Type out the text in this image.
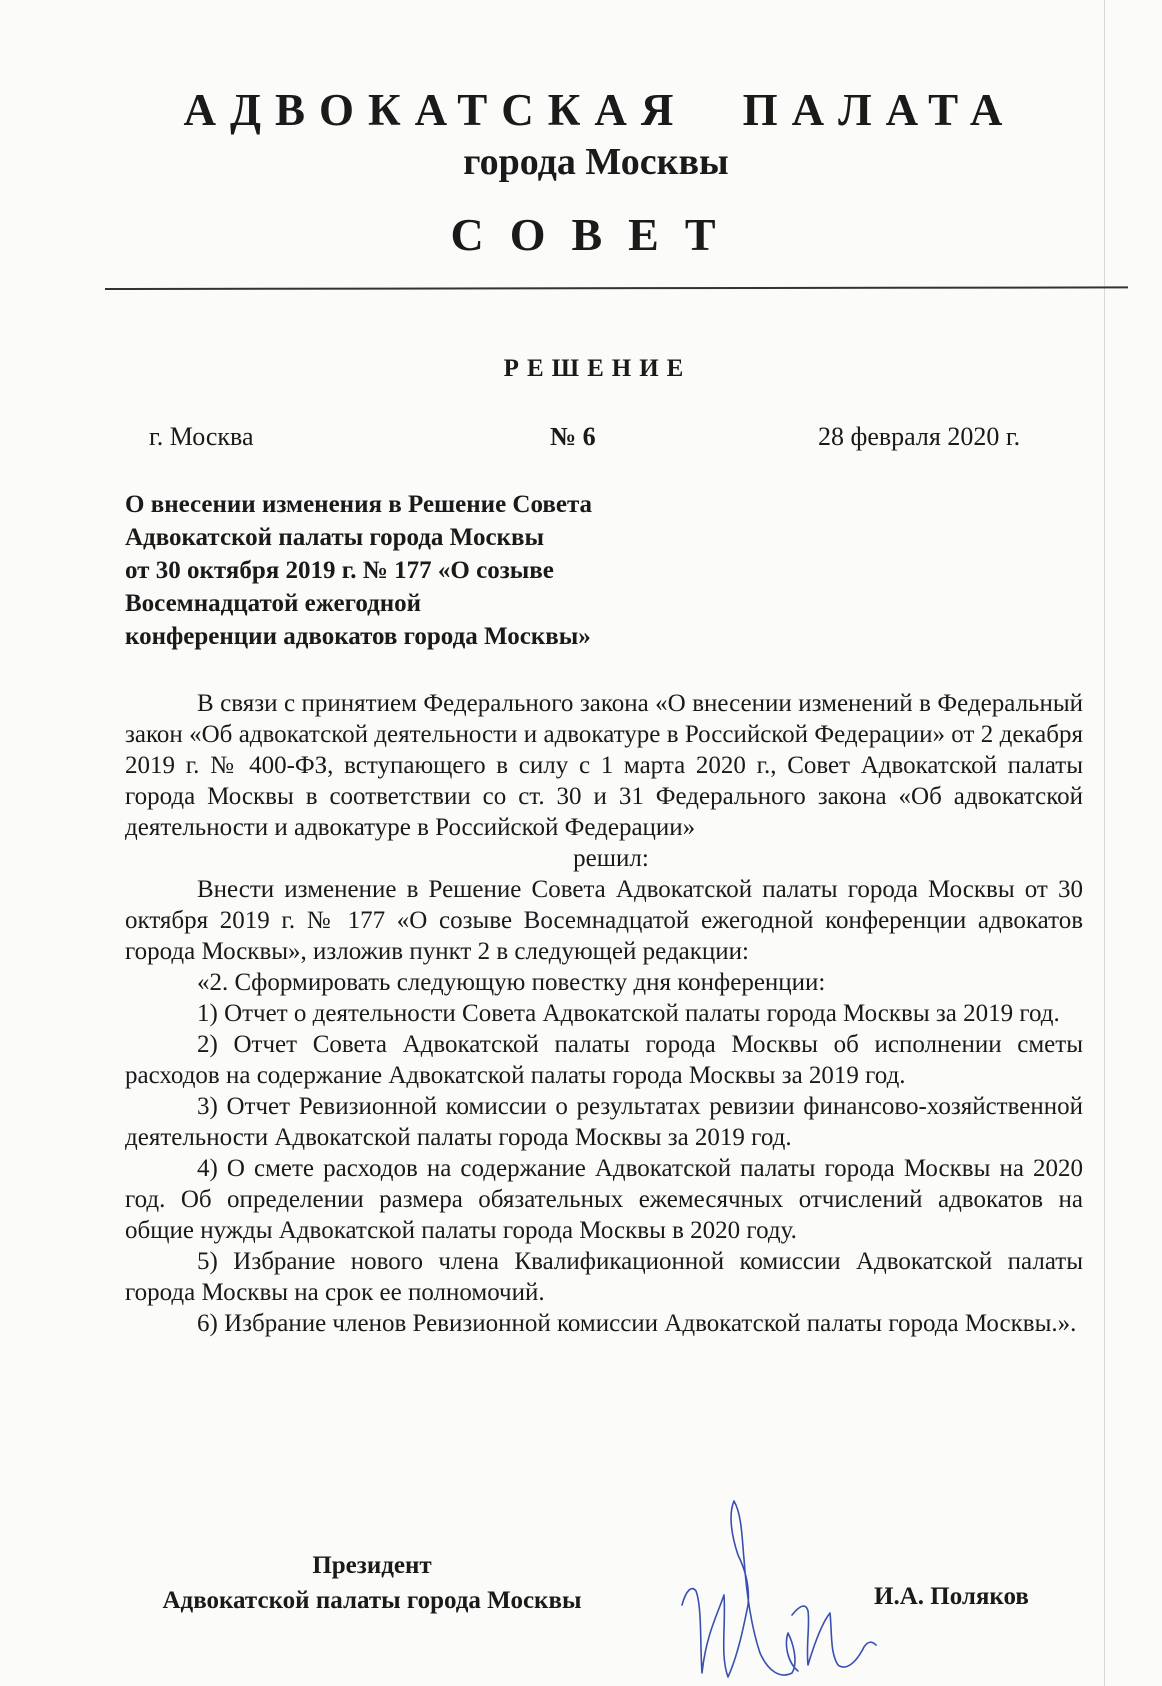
АДВОКАТСКАЯ ПАЛАТА
города Москвы
СОВЕТ
РЕШЕНИЕ
г. Москва	№ 6	28 февраля 2020 г.
О внесении изменения в Решение Совета
Адвокатской палаты города Москвы
от 30 октября 2019 г. № 177 «О созыве
Восемнадцатой ежегодной
конференции адвокатов города Москвы»

В связи с принятием Федерального закона «О внесении изменений в Федеральный закон «Об адвокатской деятельности и адвокатуре в Российской Федерации» от 2 декабря 2019 г. № 400-ФЗ, вступающего в силу с 1 марта 2020 г., Совет Адвокатской палаты города Москвы в соответствии со ст. 30 и 31 Федерального закона «Об адвокатской деятельности и адвокатуре в Российской Федерации»

решил:

Внести изменение в Решение Совета Адвокатской палаты города Москвы от 30 октября 2019 г. № 177 «О созыве Восемнадцатой ежегодной конференции адвокатов города Москвы», изложив пункт 2 в следующей редакции:

«2. Сформировать следующую повестку дня конференции:

1) Отчет о деятельности Совета Адвокатской палаты города Москвы за 2019 год.

2) Отчет Совета Адвокатской палаты города Москвы об исполнении сметы расходов на содержание Адвокатской палаты города Москвы за 2019 год.

3) Отчет Ревизионной комиссии о результатах ревизии финансово-хозяйственной деятельности Адвокатской палаты города Москвы за 2019 год.

4) О смете расходов на содержание Адвокатской палаты города Москвы на 2020 год. Об определении размера обязательных ежемесячных отчислений адвокатов на общие нужды Адвокатской палаты города Москвы в 2020 году.

5) Избрание нового члена Квалификационной комиссии Адвокатской палаты города Москвы на срок ее полномочий.

6) Избрание членов Ревизионной комиссии Адвокатской палаты города Москвы.».

Президент
Адвокатской палаты города Москвы	И.А. Поляков
